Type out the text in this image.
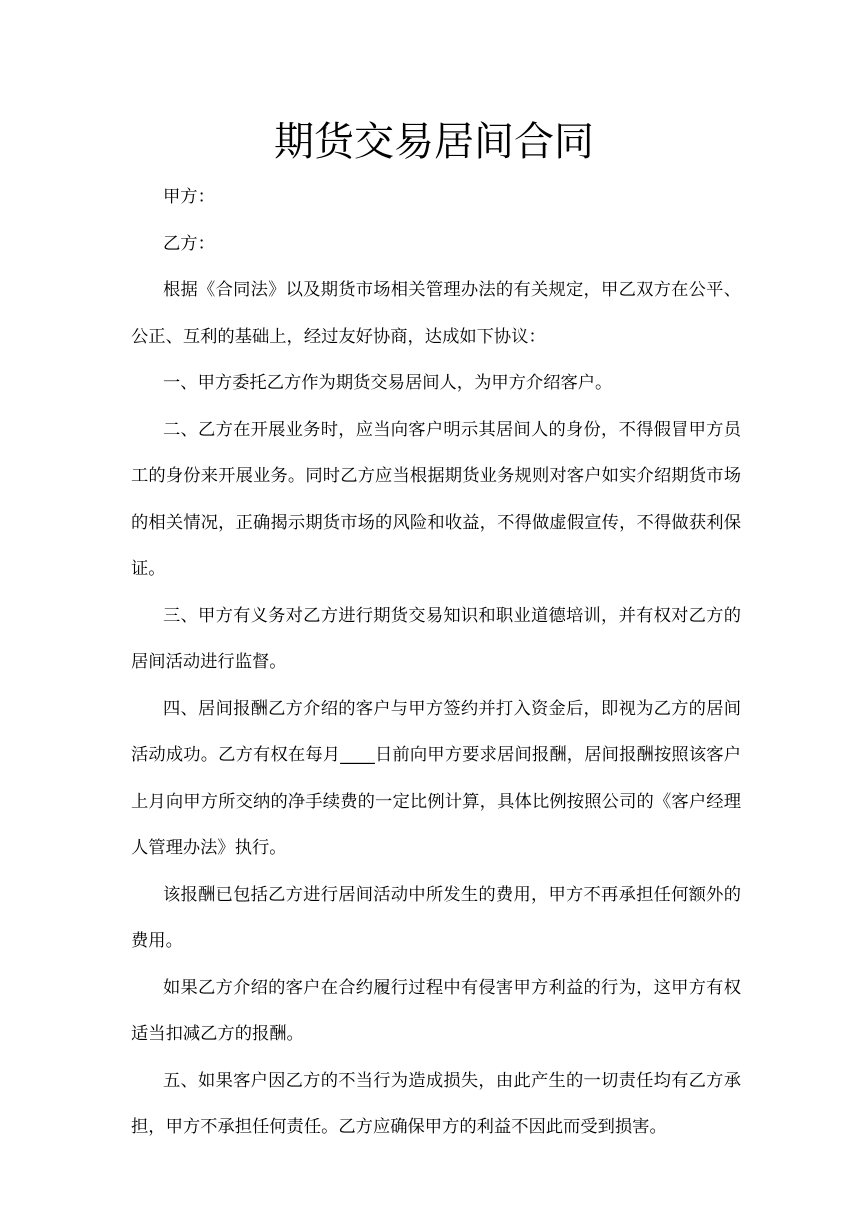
期货交易居间合同

甲方：

乙方：

根据《合同法》以及期货市场相关管理办法的有关规定，甲乙双方在公平、公正、互利的基础上，经过友好协商，达成如下协议：

一、甲方委托乙方作为期货交易居间人，为甲方介绍客户。

二、乙方在开展业务时，应当向客户明示其居间人的身份，不得假冒甲方员工的身份来开展业务。同时乙方应当根据期货业务规则对客户如实介绍期货市场的相关情况，正确揭示期货市场的风险和收益，不得做虚假宣传，不得做获利保证。

三、甲方有义务对乙方进行期货交易知识和职业道德培训，并有权对乙方的居间活动进行监督。

四、居间报酬乙方介绍的客户与甲方签约并打入资金后，即视为乙方的居间活动成功。乙方有权在每月____日前向甲方要求居间报酬，居间报酬按照该客户上月向甲方所交纳的净手续费的一定比例计算，具体比例按照公司的《客户经理人管理办法》执行。

该报酬已包括乙方进行居间活动中所发生的费用，甲方不再承担任何额外的费用。

如果乙方介绍的客户在合约履行过程中有侵害甲方利益的行为，这甲方有权适当扣减乙方的报酬。

五、如果客户因乙方的不当行为造成损失，由此产生的一切责任均有乙方承担，甲方不承担任何责任。乙方应确保甲方的利益不因此而受到损害。
